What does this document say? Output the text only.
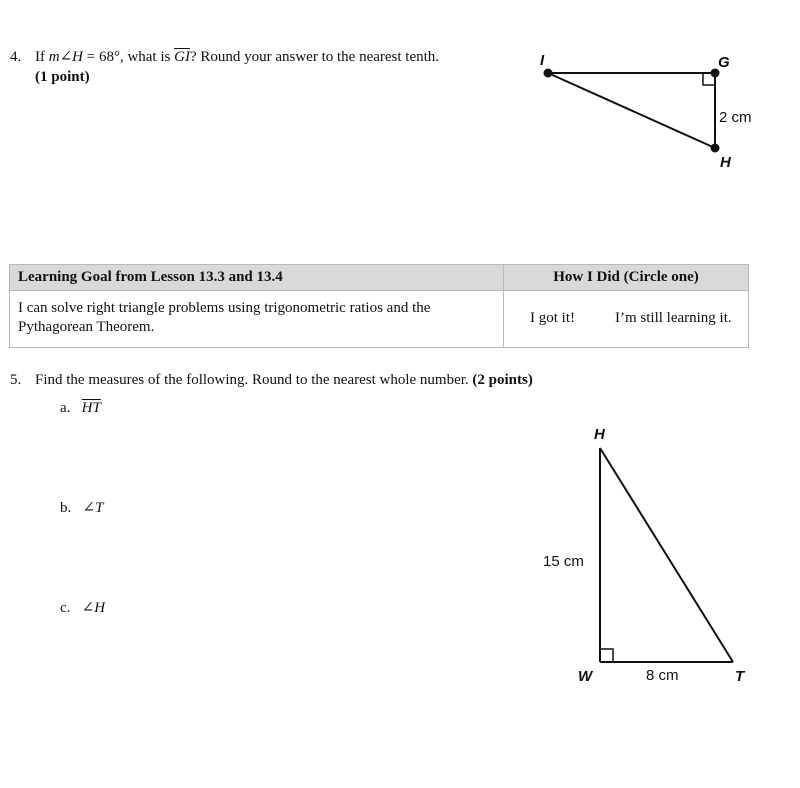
4. If m∠H = 68°, what is $\overline{GI}$? Round your answer to the nearest tenth.
(1 point)
I	G
H
2 cm
Learning Goal from Lesson 13.3 and 13.4	How I Did (Circle one)
I can solve right triangle problems using trigonometric ratios and the
Pythagorean Theorem.
I got it!	I’m still learning it.
5. Find the measures of the following. Round to the nearest whole number. (2 points)
a. $\overline{HT}$
b. ∠T
c. ∠H
H
W	T
15 cm
8 cm
